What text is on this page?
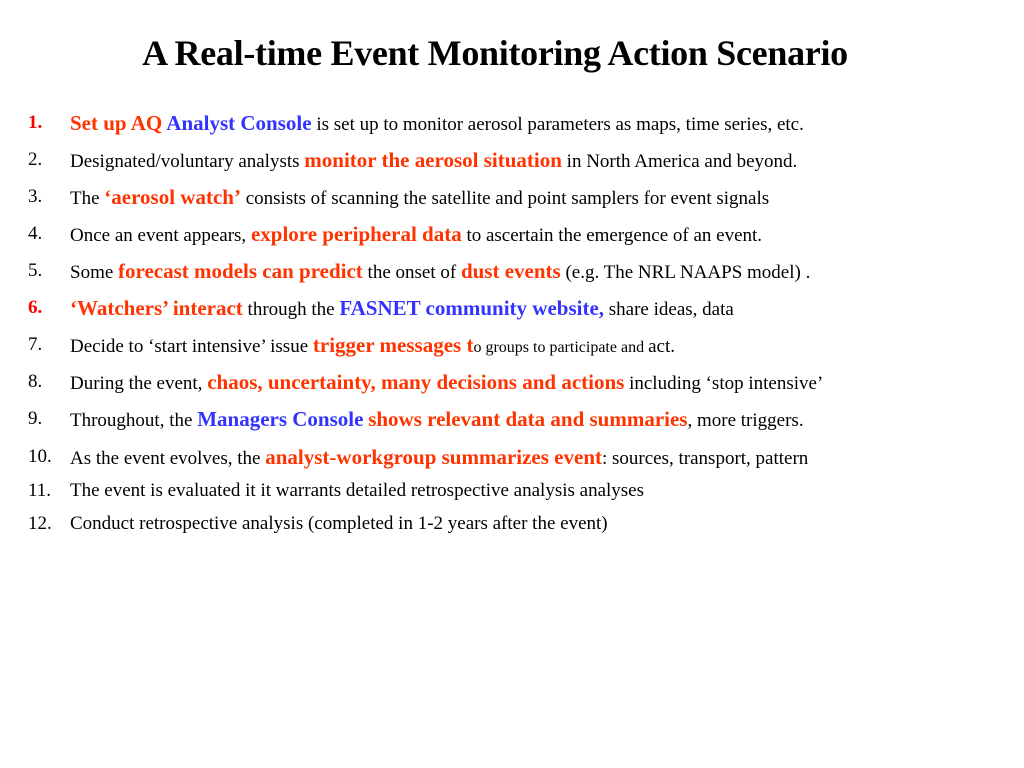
A Real-time Event Monitoring Action Scenario
1. Set up AQ Analyst Console is set up to monitor aerosol parameters as maps, time series, etc.
2. Designated/voluntary analysts monitor the aerosol situation in North America and beyond.
3. The ‘aerosol watch’ consists of scanning the satellite and point samplers for event signals
4. Once an event appears, explore peripheral data to ascertain the emergence of an event.
5. Some forecast models can predict the onset of dust events (e.g. The NRL NAAPS model) .
6. ‘Watchers’ interact through the FASNET community website, share ideas, data
7. Decide to ‘start intensive’ issue trigger messages to groups to participate and act.
8. During the event, chaos, uncertainty, many decisions and actions including ‘stop intensive’
9. Throughout, the Managers Console shows relevant data and summaries, more triggers.
10. As the event evolves, the analyst-workgroup summarizes event: sources, transport, pattern
11. The event is evaluated it it warrants detailed retrospective analysis analyses
12. Conduct retrospective analysis (completed in 1-2 years after the event)
